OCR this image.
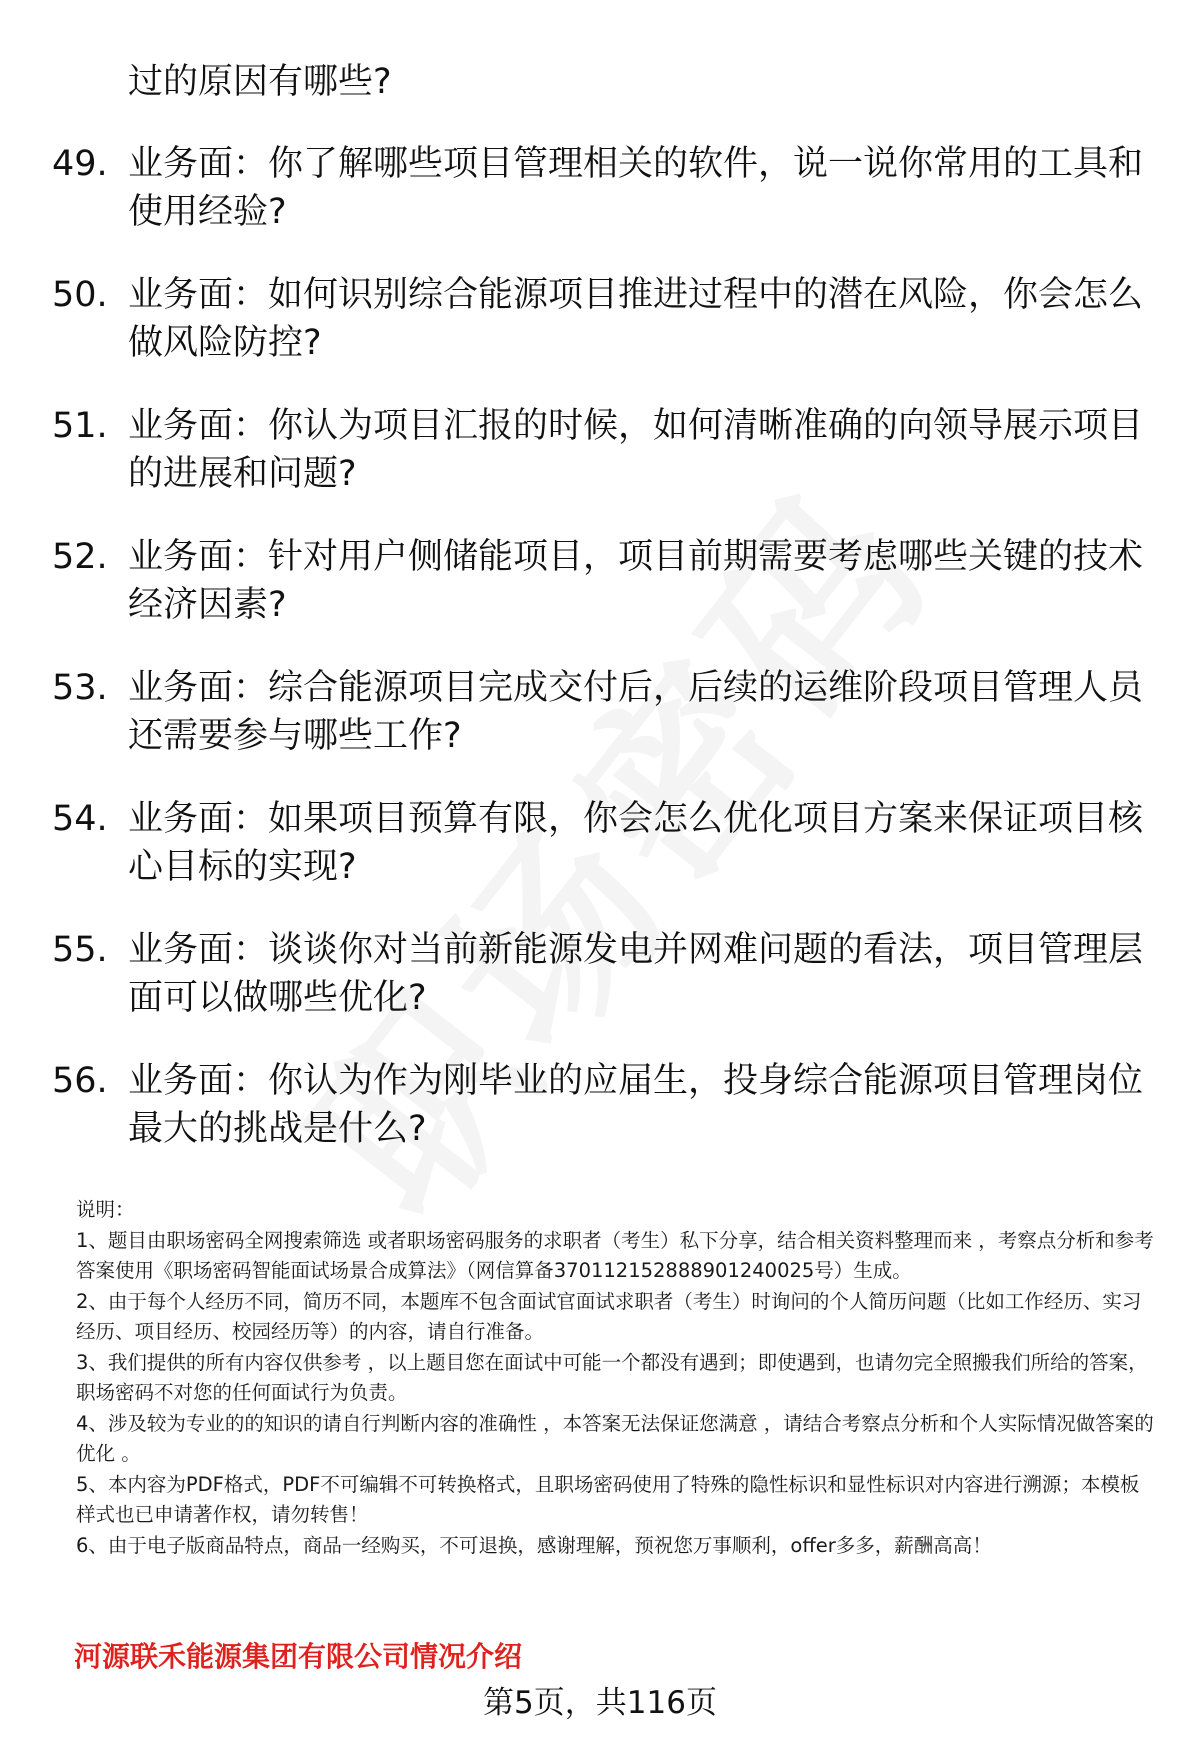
过的原因有哪些?
49. 业务面：你了解哪些项目管理相关的软件，说一说你常用的工具和使用经验?
50. 业务面：如何识别综合能源项目推进过程中的潜在风险，你会怎么做风险防控?
51. 业务面：你认为项目汇报的时候，如何清晰准确的向领导展示项目的进展和问题?
52. 业务面：针对用户侧储能项目，项目前期需要考虑哪些关键的技术经济因素?
53. 业务面：综合能源项目完成交付后，后续的运维阶段项目管理人员还需要参与哪些工作?
54. 业务面：如果项目预算有限，你会怎么优化项目方案来保证项目核心目标的实现?
55. 业务面：谈谈你对当前新能源发电并网难问题的看法，项目管理层面可以做哪些优化?
56. 业务面：你认为作为刚毕业的应届生，投身综合能源项目管理岗位最大的挑战是什么?
说明：
1、题目由职场密码全网搜索筛选 或者职场密码服务的求职者（考生）私下分享，结合相关资料整理而来 ，考察点分析和参考答案使用《职场密码智能面试场景合成算法》（网信算备370112152888901240025号）生成。
2、由于每个人经历不同，简历不同，本题库不包含面试官面试求职者（考生）时询问的个人简历问题（比如工作经历、实习经历、项目经历、校园经历等）的内容，请自行准备。
3、我们提供的所有内容仅供参考 ，以上题目您在面试中可能一个都没有遇到；即使遇到，也请勿完全照搬我们所给的答案，职场密码不对您的任何面试行为负责。
4、涉及较为专业的的知识的请自行判断内容的准确性 ，本答案无法保证您满意 ，请结合考察点分析和个人实际情况做答案的优化 。
5、本内容为PDF格式，PDF不可编辑不可转换格式，且职场密码使用了特殊的隐性标识和显性标识对内容进行溯源；本模板样式也已申请著作权，请勿转售！
6、由于电子版商品特点，商品一经购买，不可退换，感谢理解，预祝您万事顺利，offer多多，薪酬高高！
河源联禾能源集团有限公司情况介绍
第5页，共116页
